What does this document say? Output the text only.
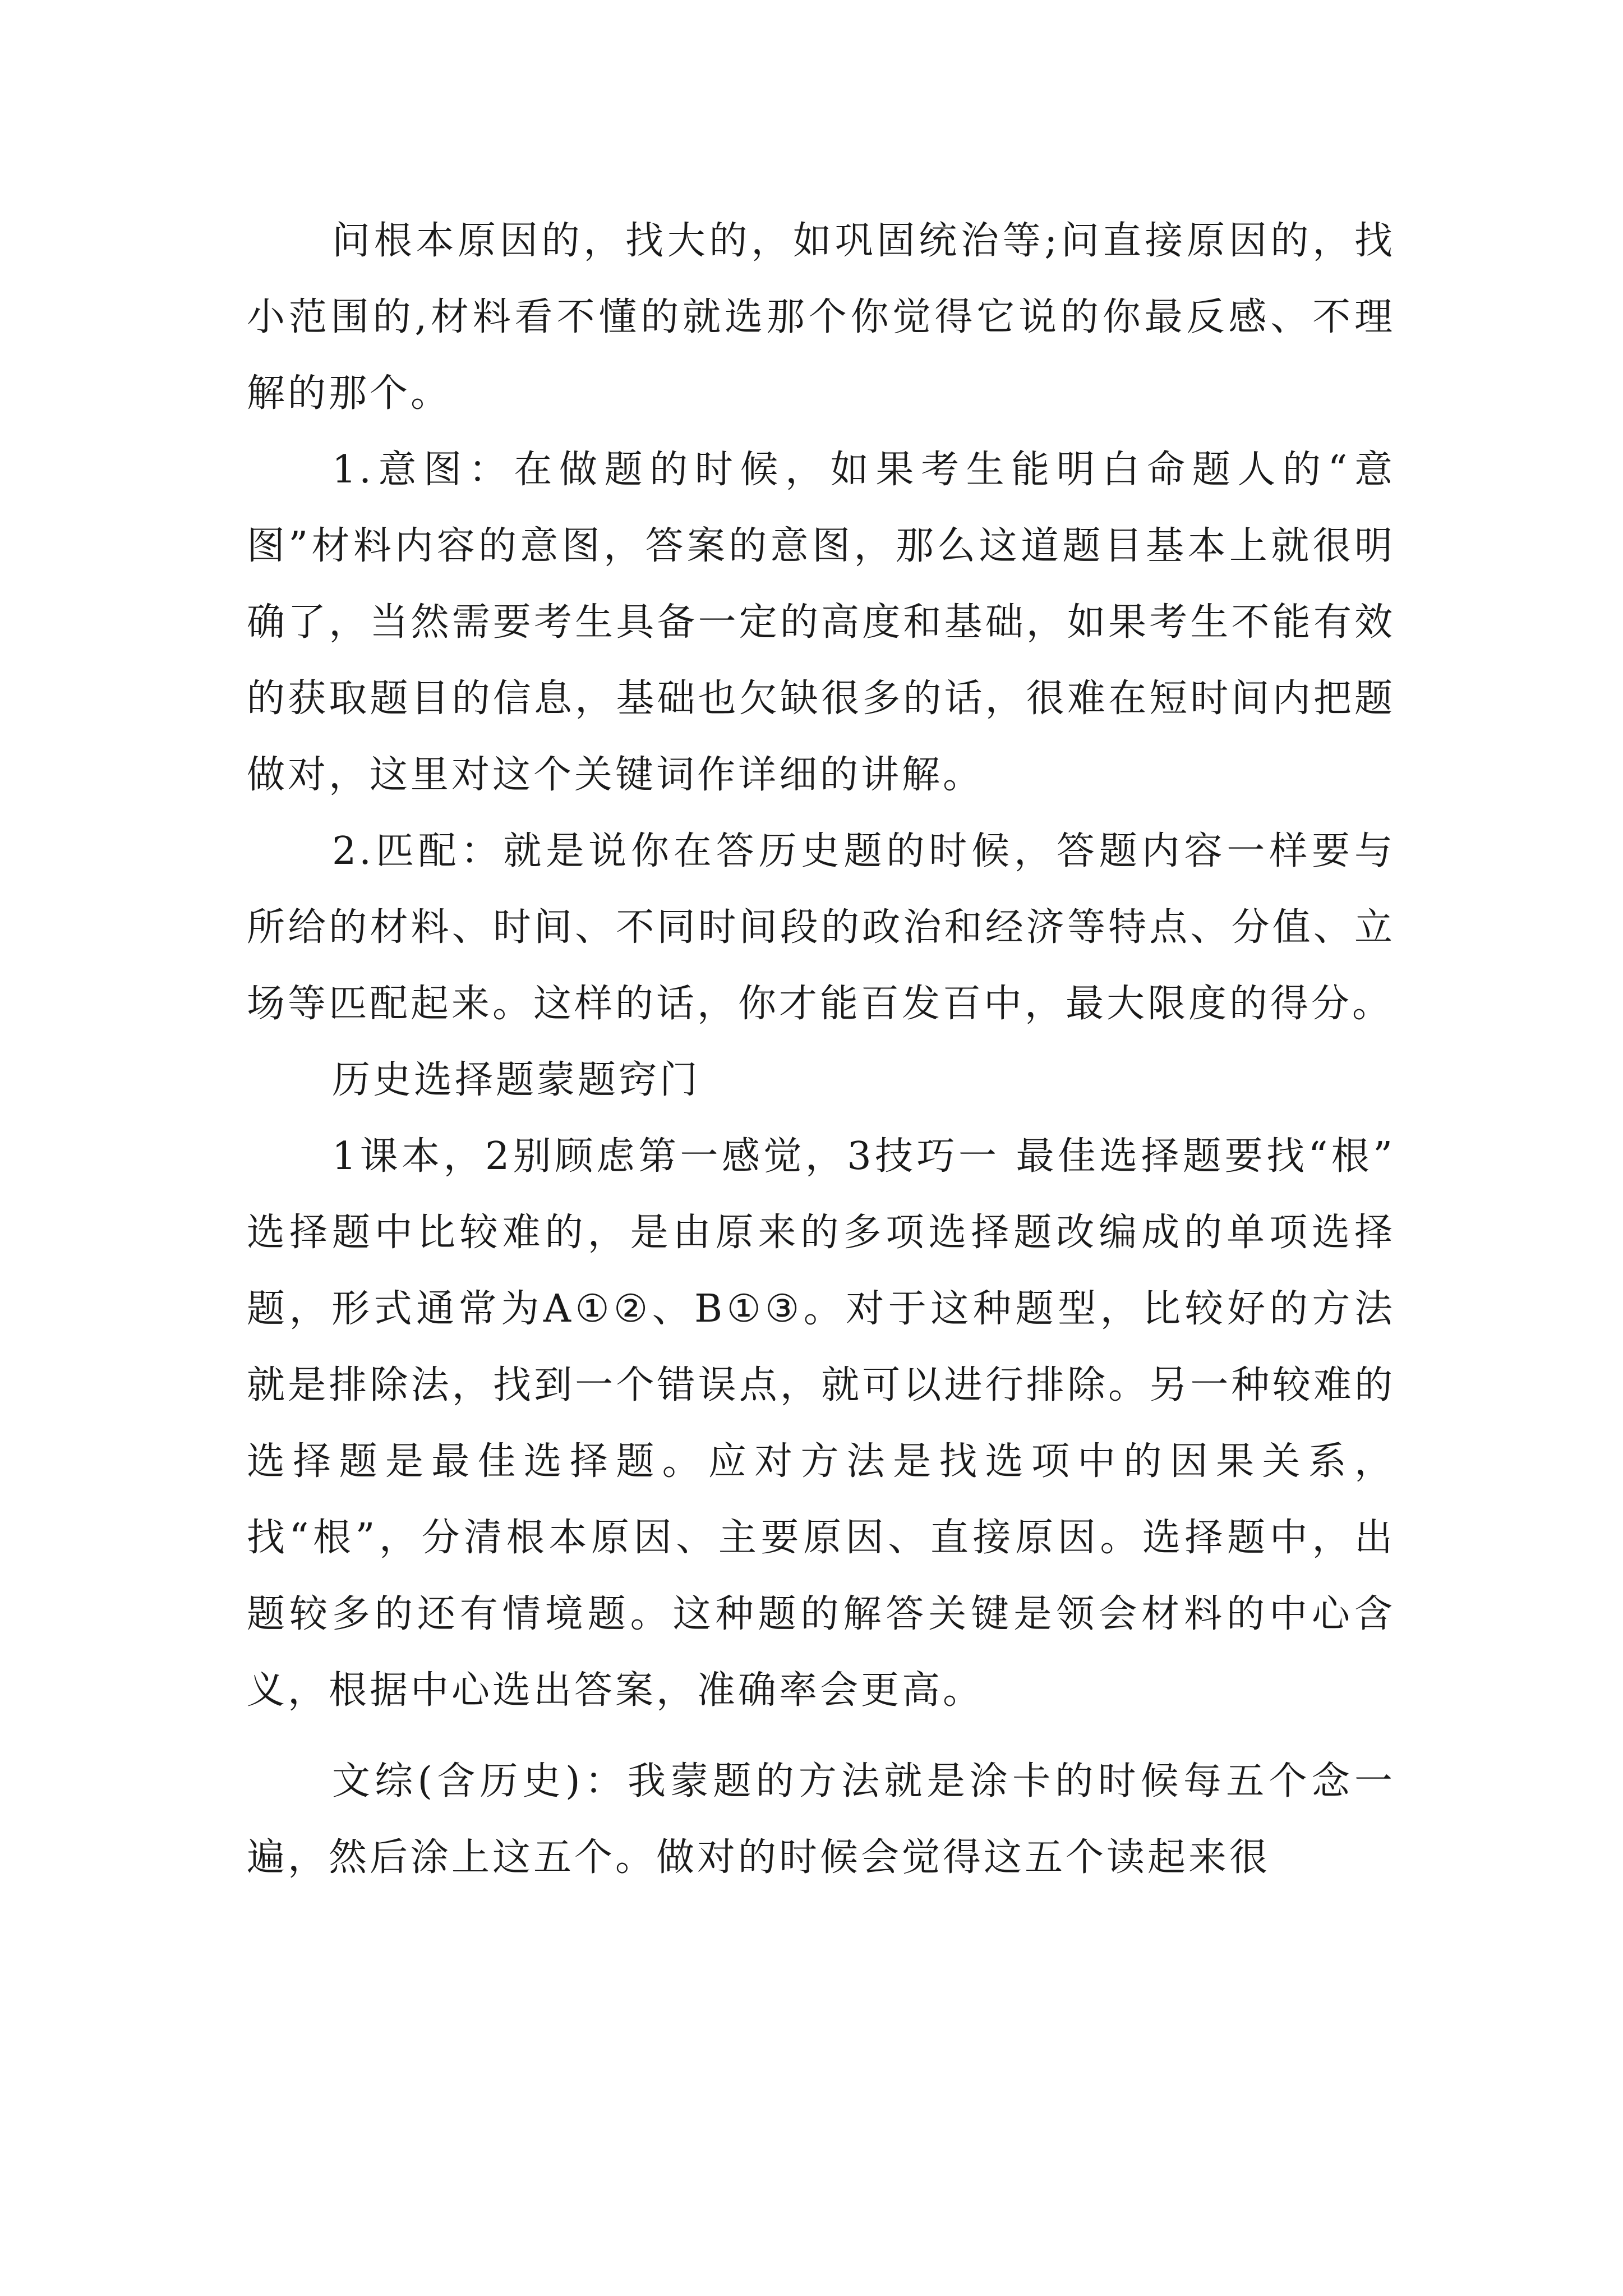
问根本原因的，找大的，如巩固统治等;问直接原因的，找小范围的,材料看不懂的就选那个你觉得它说的你最反感、不理解的那个。

1.意图：在做题的时候，如果考生能明白命题人的“意图”材料内容的意图，答案的意图，那么这道题目基本上就很明确了，当然需要考生具备一定的高度和基础，如果考生不能有效的获取题目的信息，基础也欠缺很多的话，很难在短时间内把题做对，这里对这个关键词作详细的讲解。

2.匹配：就是说你在答历史题的时候，答题内容一样要与所给的材料、时间、不同时间段的政治和经济等特点、分值、立场等匹配起来。这样的话，你才能百发百中，最大限度的得分。

历史选择题蒙题窍门

1课本，2别顾虑第一感觉，3技巧一 最佳选择题要找“根” 选择题中比较难的，是由原来的多项选择题改编成的单项选择题，形式通常为A①②、B①③。对于这种题型，比较好的方法就是排除法，找到一个错误点，就可以进行排除。另一种较难的选择题是最佳选择题。应对方法是找选项中的因果关系，找“根”，分清根本原因、主要原因、直接原因。选择题中，出题较多的还有情境题。这种题的解答关键是领会材料的中心含义，根据中心选出答案，准确率会更高。

文综(含历史)：我蒙题的方法就是涂卡的时候每五个念一遍，然后涂上这五个。做对的时候会觉得这五个读起来很
